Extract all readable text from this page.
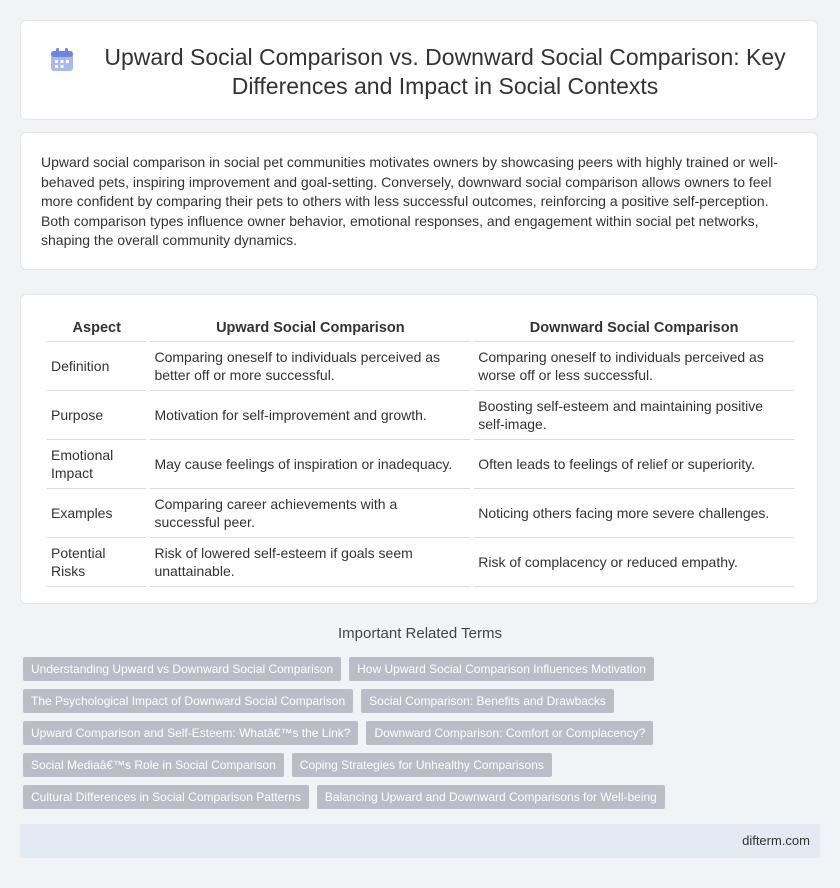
Upward Social Comparison vs. Downward Social Comparison: Key Differences and Impact in Social Contexts

Upward social comparison in social pet communities motivates owners by showcasing peers with highly trained or well-behaved pets, inspiring improvement and goal-setting. Conversely, downward social comparison allows owners to feel more confident by comparing their pets to others with less successful outcomes, reinforcing a positive self-perception. Both comparison types influence owner behavior, emotional responses, and engagement within social pet networks, shaping the overall community dynamics.

Aspect	Upward Social Comparison	Downward Social Comparison
Definition	Comparing oneself to individuals perceived as better off or more successful.	Comparing oneself to individuals perceived as worse off or less successful.
Purpose	Motivation for self-improvement and growth.	Boosting self-esteem and maintaining positive self-image.
Emotional Impact	May cause feelings of inspiration or inadequacy.	Often leads to feelings of relief or superiority.
Examples	Comparing career achievements with a successful peer.	Noticing others facing more severe challenges.
Potential Risks	Risk of lowered self-esteem if goals seem unattainable.	Risk of complacency or reduced empathy.
Important Related Terms
Understanding Upward vs Downward Social Comparison	How Upward Social Comparison Influences Motivation
The Psychological Impact of Downward Social Comparison	Social Comparison: Benefits and Drawbacks
Upward Comparison and Self-Esteem: Whatâ€™s the Link?	Downward Comparison: Comfort or Complacency?
Social Mediaâ€™s Role in Social Comparison	Coping Strategies for Unhealthy Comparisons
Cultural Differences in Social Comparison Patterns	Balancing Upward and Downward Comparisons for Well-being
difterm.com
